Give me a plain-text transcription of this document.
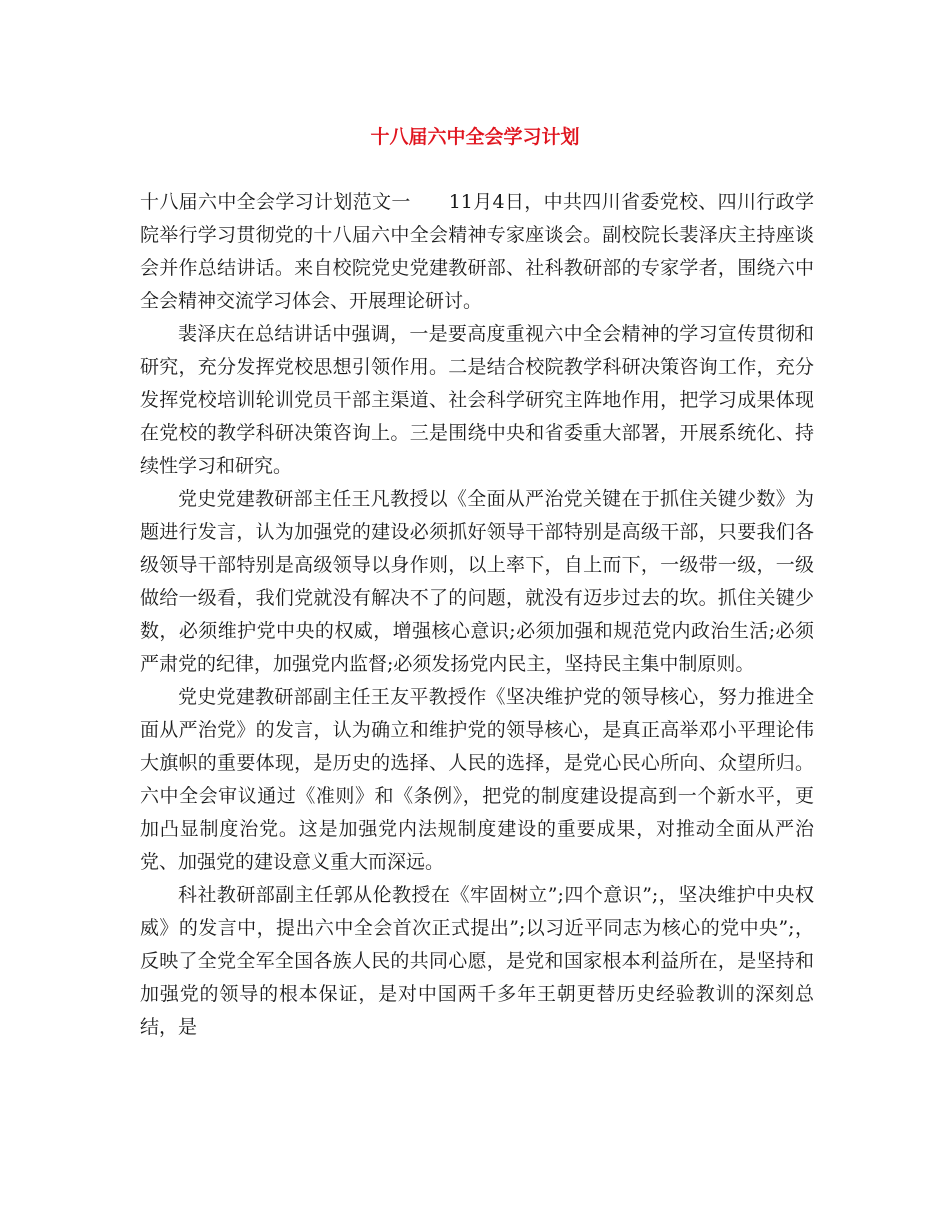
十八届六中全会学习计划

十八届六中全会学习计划范文一 11月4日，中共四川省委党校、四川行政学院举行学习贯彻党的十八届六中全会精神专家座谈会。副校院长裴泽庆主持座谈会并作总结讲话。来自校院党史党建教研部、社科教研部的专家学者，围绕六中全会精神交流学习体会、开展理论研讨。

裴泽庆在总结讲话中强调，一是要高度重视六中全会精神的学习宣传贯彻和研究，充分发挥党校思想引领作用。二是结合校院教学科研决策咨询工作，充分发挥党校培训轮训党员干部主渠道、社会科学研究主阵地作用，把学习成果体现在党校的教学科研决策咨询上。三是围绕中央和省委重大部署，开展系统化、持续性学习和研究。

党史党建教研部主任王凡教授以《全面从严治党关键在于抓住关键少数》为题进行发言，认为加强党的建设必须抓好领导干部特别是高级干部，只要我们各级领导干部特别是高级领导以身作则，以上率下，自上而下，一级带一级，一级做给一级看，我们党就没有解决不了的问题，就没有迈步过去的坎。抓住关键少数，必须维护党中央的权威，增强核心意识;必须加强和规范党内政治生活;必须严肃党的纪律，加强党内监督;必须发扬党内民主，坚持民主集中制原则。

党史党建教研部副主任王友平教授作《坚决维护党的领导核心，努力推进全面从严治党》的发言，认为确立和维护党的领导核心，是真正高举邓小平理论伟大旗帜的重要体现，是历史的选择、人民的选择，是党心民心所向、众望所归。六中全会审议通过《准则》和《条例》，把党的制度建设提高到一个新水平，更加凸显制度治党。这是加强党内法规制度建设的重要成果，对推动全面从严治党、加强党的建设意义重大而深远。

科社教研部副主任郭从伦教授在《牢固树立”;四个意识”;，坚决维护中央权威》的发言中，提出六中全会首次正式提出”;以习近平同志为核心的党中央”;，反映了全党全军全国各族人民的共同心愿，是党和国家根本利益所在，是坚持和加强党的领导的根本保证，是对中国两千多年王朝更替历史经验教训的深刻总结，是
